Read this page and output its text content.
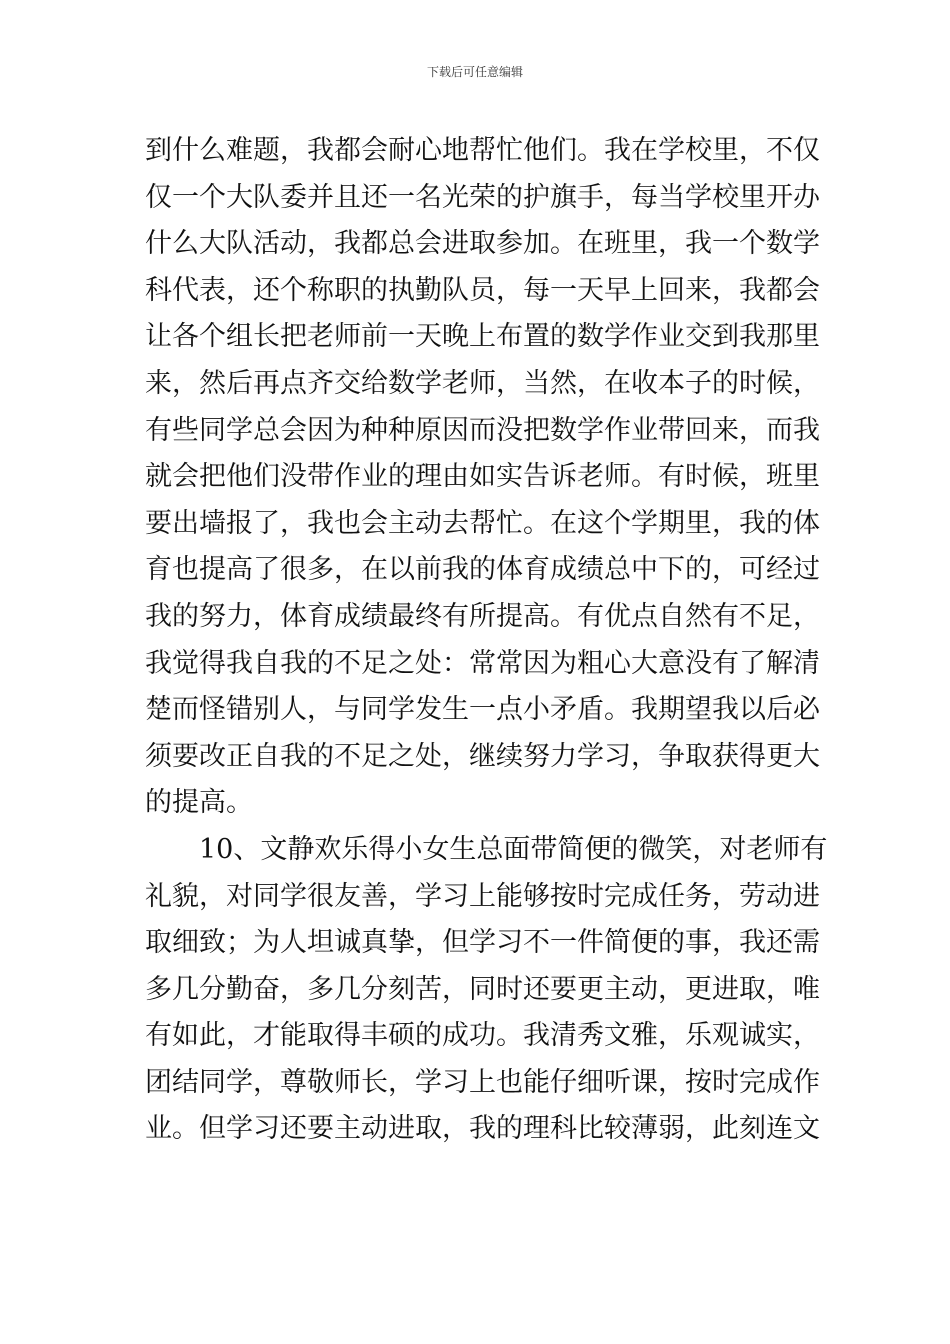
下载后可任意编辑
到什么难题，我都会耐心地帮忙他们。我在学校里，不仅
仅一个大队委并且还一名光荣的护旗手，每当学校里开办
什么大队活动，我都总会进取参加。在班里，我一个数学
科代表，还个称职的执勤队员，每一天早上回来，我都会
让各个组长把老师前一天晚上布置的数学作业交到我那里
来，然后再点齐交给数学老师，当然，在收本子的时候，
有些同学总会因为种种原因而没把数学作业带回来，而我
就会把他们没带作业的理由如实告诉老师。有时候，班里
要出墙报了，我也会主动去帮忙。在这个学期里，我的体
育也提高了很多，在以前我的体育成绩总中下的，可经过
我的努力，体育成绩最终有所提高。有优点自然有不足，
我觉得我自我的不足之处：常常因为粗心大意没有了解清
楚而怪错别人，与同学发生一点小矛盾。我期望我以后必
须要改正自我的不足之处，继续努力学习，争取获得更大
的提高。
10、文静欢乐得小女生总面带简便的微笑，对老师有
礼貌，对同学很友善，学习上能够按时完成任务，劳动进
取细致；为人坦诚真挚，但学习不一件简便的事，我还需
多几分勤奋，多几分刻苦，同时还要更主动，更进取，唯
有如此，才能取得丰硕的成功。我清秀文雅，乐观诚实，
团结同学，尊敬师长，学习上也能仔细听课，按时完成作
业。但学习还要主动进取，我的理科比较薄弱，此刻连文
